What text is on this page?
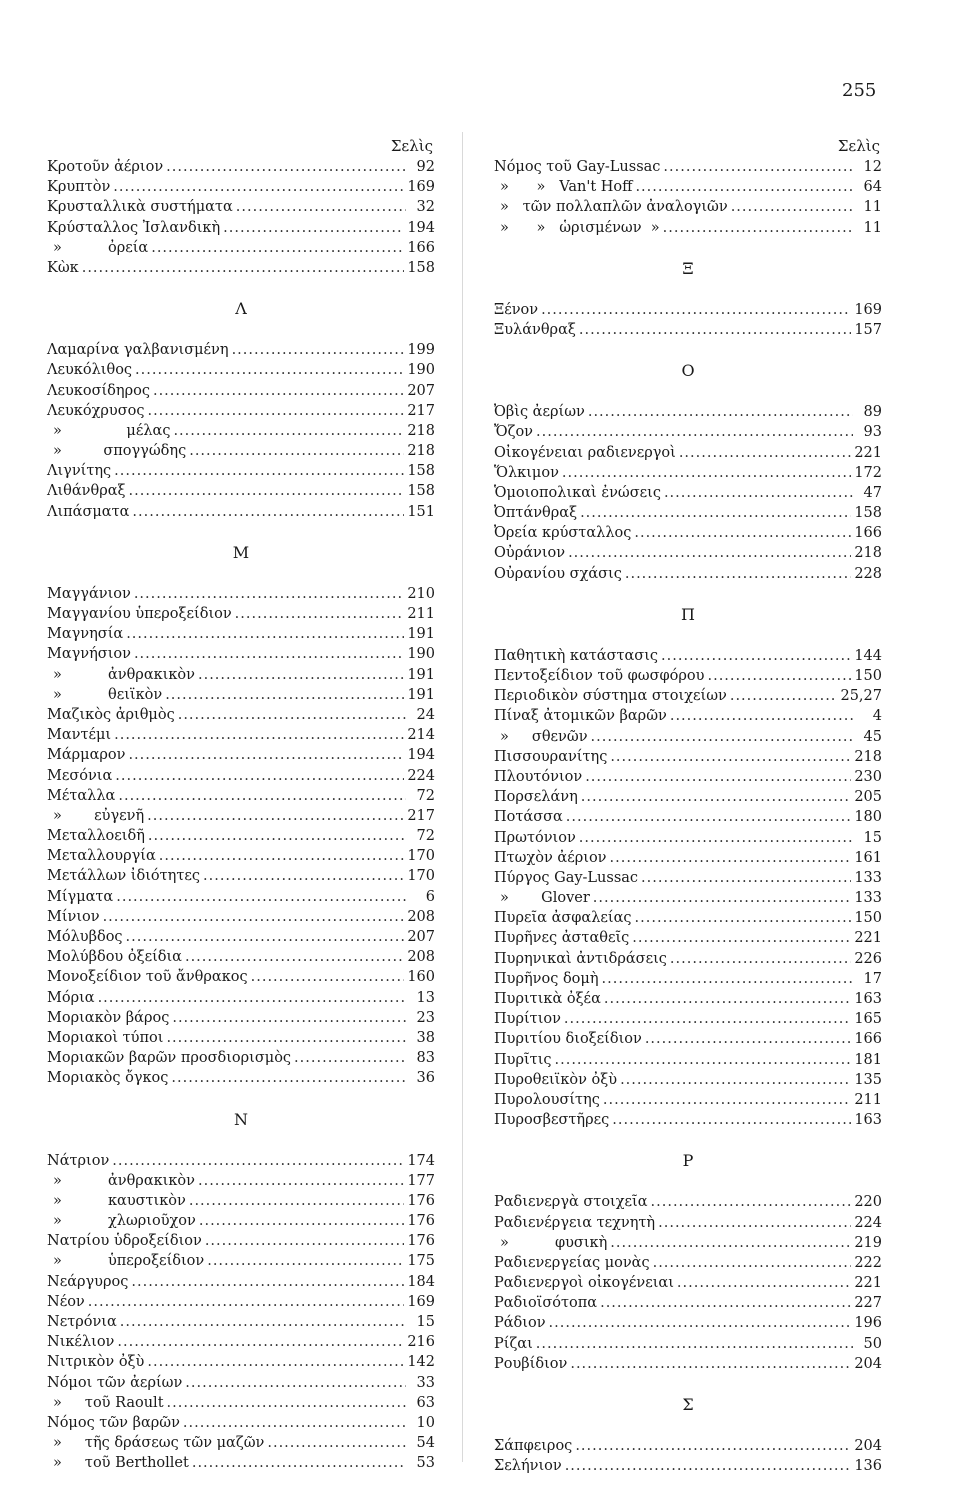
255
Σελὶς
Κροτοῦν ἀέριον .....	92
Κρυπτὸν .....	169
Κρυσταλλικὰ συστήματα .....	32
Κρύσταλλος Ἰσλανδικὴ .....	194
»          ὀρεία .....	166
Κὼκ .....	158
Λ
Λαμαρίνα γαλβανισμένη .....	199
Λευκόλιθος .....	190
Λευκοσίδηρος .....	207
Λευκόχρυσος .....	217
»              μέλας .....	218
»         σπογγώδης .....	218
Λιγνίτης .....	158
Λιθάνθραξ .....	158
Λιπάσματα .....	151
Μ
Μαγγάνιον .....	210
Μαγγανίου ὑπεροξείδιον .....	211
Μαγνησία .....	191
Μαγνήσιον .....	190
»          ἀνθρακικὸν .....	191
»          θειϊκὸν .....	191
Μαζικὸς ἀριθμὸς .....	24
Μαντέμι .....	214
Μάρμαρον .....	194
Μεσόνια .....	224
Μέταλλα .....	72
»       εὐγενῆ .....	217
Μεταλλοειδῆ .....	72
Μεταλλουργία .....	170
Μετάλλων ἰδιότητες .....	170
Μίγματα .....	6
Μίνιον .....	208
Μόλυβδος .....	207
Μολύβδου ὀξείδια .....	208
Μονοξείδιον τοῦ ἄνθρακος .....	160
Μόρια .....	13
Μοριακὸν βάρος .....	23
Μοριακοὶ τύποι .....	38
Μοριακῶν βαρῶν προσδιορισμὸς .....	83
Μοριακὸς ὄγκος .....	36
Ν
Νάτριον .....	174
»          ἀνθρακικὸν .....	177
»          καυστικὸν .....	176
»          χλωριοῦχον .....	176
Νατρίου ὑδροξείδιον .....	176
»          ὑπεροξείδιον .....	175
Νεάργυρος .....	184
Νέον .....	169
Νετρόνια .....	15
Νικέλιον .....	216
Νιτρικὸν ὀξὺ .....	142
Νόμοι τῶν ἀερίων .....	33
»     τοῦ Raoult .....	63
Νόμος τῶν βαρῶν .....	10
»     τῆς δράσεως τῶν μαζῶν .....	54
»     τοῦ Berthollet .....	53
Σελὶς
Νόμος τοῦ Gay-Lussac .....	12
»      »   Van't Hoff .....	64
»   τῶν πολλαπλῶν ἀναλογιῶν .....	11
»      »   ὡρισμένων  » .....	11
Ξ
Ξένον .....	169
Ξυλάνθραξ .....	157
Ο
Ὀβὶς ἀερίων .....	89
Ὄζον .....	93
Οἰκογένειαι ραδιενεργοὶ .....	221
Ὅλκιμον .....	172
Ὁμοιοπολικαὶ ἐνώσεις .....	47
Ὀπτάνθραξ .....	158
Ὀρεία κρύσταλλος .....	166
Οὐράνιον .....	218
Οὐρανίου σχάσις .....	228
Π
Παθητικὴ κατάστασις .....	144
Πεντοξείδιον τοῦ φωσφόρου .....	150
Περιοδικὸν σύστημα στοιχείων .....	25,27
Πίναξ ἀτομικῶν βαρῶν .....	4
»     σθενῶν .....	45
Πισσουρανίτης .....	218
Πλουτόνιον .....	230
Πορσελάνη .....	205
Ποτάσσα .....	180
Πρωτόνιον .....	15
Πτωχὸν ἀέριον .....	161
Πύργος Gay-Lussac .....	133
»       Glover .....	133
Πυρεῖα ἀσφαλείας .....	150
Πυρῆνες ἀσταθεῖς .....	221
Πυρηνικαὶ ἀντιδράσεις .....	226
Πυρῆνος δομὴ .....	17
Πυριτικὰ ὀξέα .....	163
Πυρίτιον .....	165
Πυριτίου διοξείδιον .....	166
Πυρῖτις .....	181
Πυροθειϊκὸν ὀξὺ .....	135
Πυρολουσίτης .....	211
Πυροσβεστῆρες .....	163
Ρ
Ραδιενεργὰ στοιχεῖα .....	220
Ραδιενέργεια τεχνητὴ .....	224
»          φυσικὴ .....	219
Ραδιενεργείας μονὰς .....	222
Ραδιενεργοὶ οἰκογένειαι .....	221
Ραδιοϊσότοπα .....	227
Ράδιον .....	196
Ρίζαι .....	50
Ρουβίδιον .....	204
Σ
Σάπφειρος .....	204
Σελήνιον .....	136
